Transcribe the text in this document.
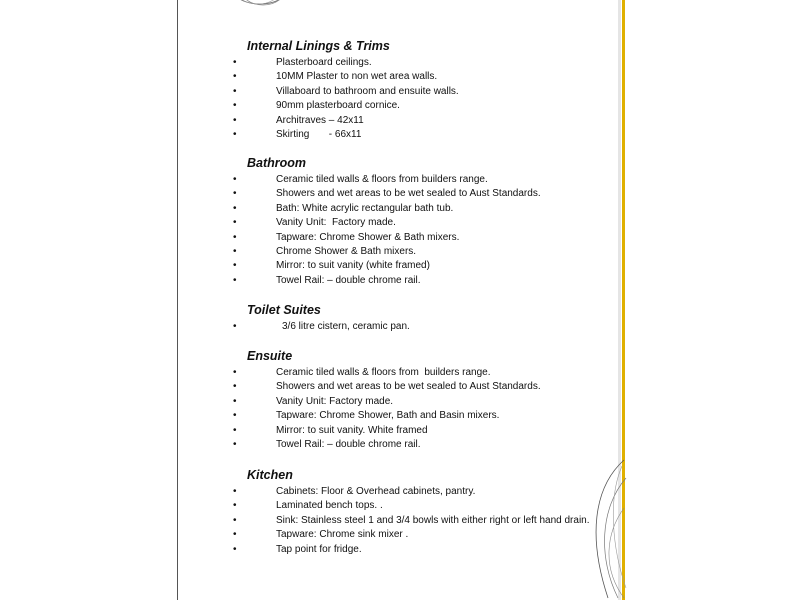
Internal Linings & Trims
•	Plasterboard ceilings.
•	10MM Plaster to non wet area walls.
•	Villaboard to bathroom and ensuite walls.
•	90mm plasterboard cornice.
•	Architraves – 42x11
•	Skirting       - 66x11
Bathroom
•	Ceramic tiled walls & floors from builders range.
•	Showers and wet areas to be wet sealed to Aust Standards.
•	Bath: White acrylic rectangular bath tub.
•	Vanity Unit:  Factory made.
•	Tapware: Chrome Shower & Bath mixers.
•	Chrome Shower & Bath mixers.
•	Mirror: to suit vanity (white framed)
•	Towel Rail: – double chrome rail.
Toilet Suites
•	3/6 litre cistern, ceramic pan.
Ensuite
•	Ceramic tiled walls & floors from  builders range.
•	Showers and wet areas to be wet sealed to Aust Standards.
•	Vanity Unit: Factory made.
•	Tapware: Chrome Shower, Bath and Basin mixers.
•	Mirror: to suit vanity. White framed
•	Towel Rail: – double chrome rail.
Kitchen
•	Cabinets: Floor & Overhead cabinets, pantry.
•	Laminated bench tops. .
•	Sink: Stainless steel 1 and 3/4 bowls with either right or left hand drain.
•	Tapware: Chrome sink mixer .
•	Tap point for fridge.
